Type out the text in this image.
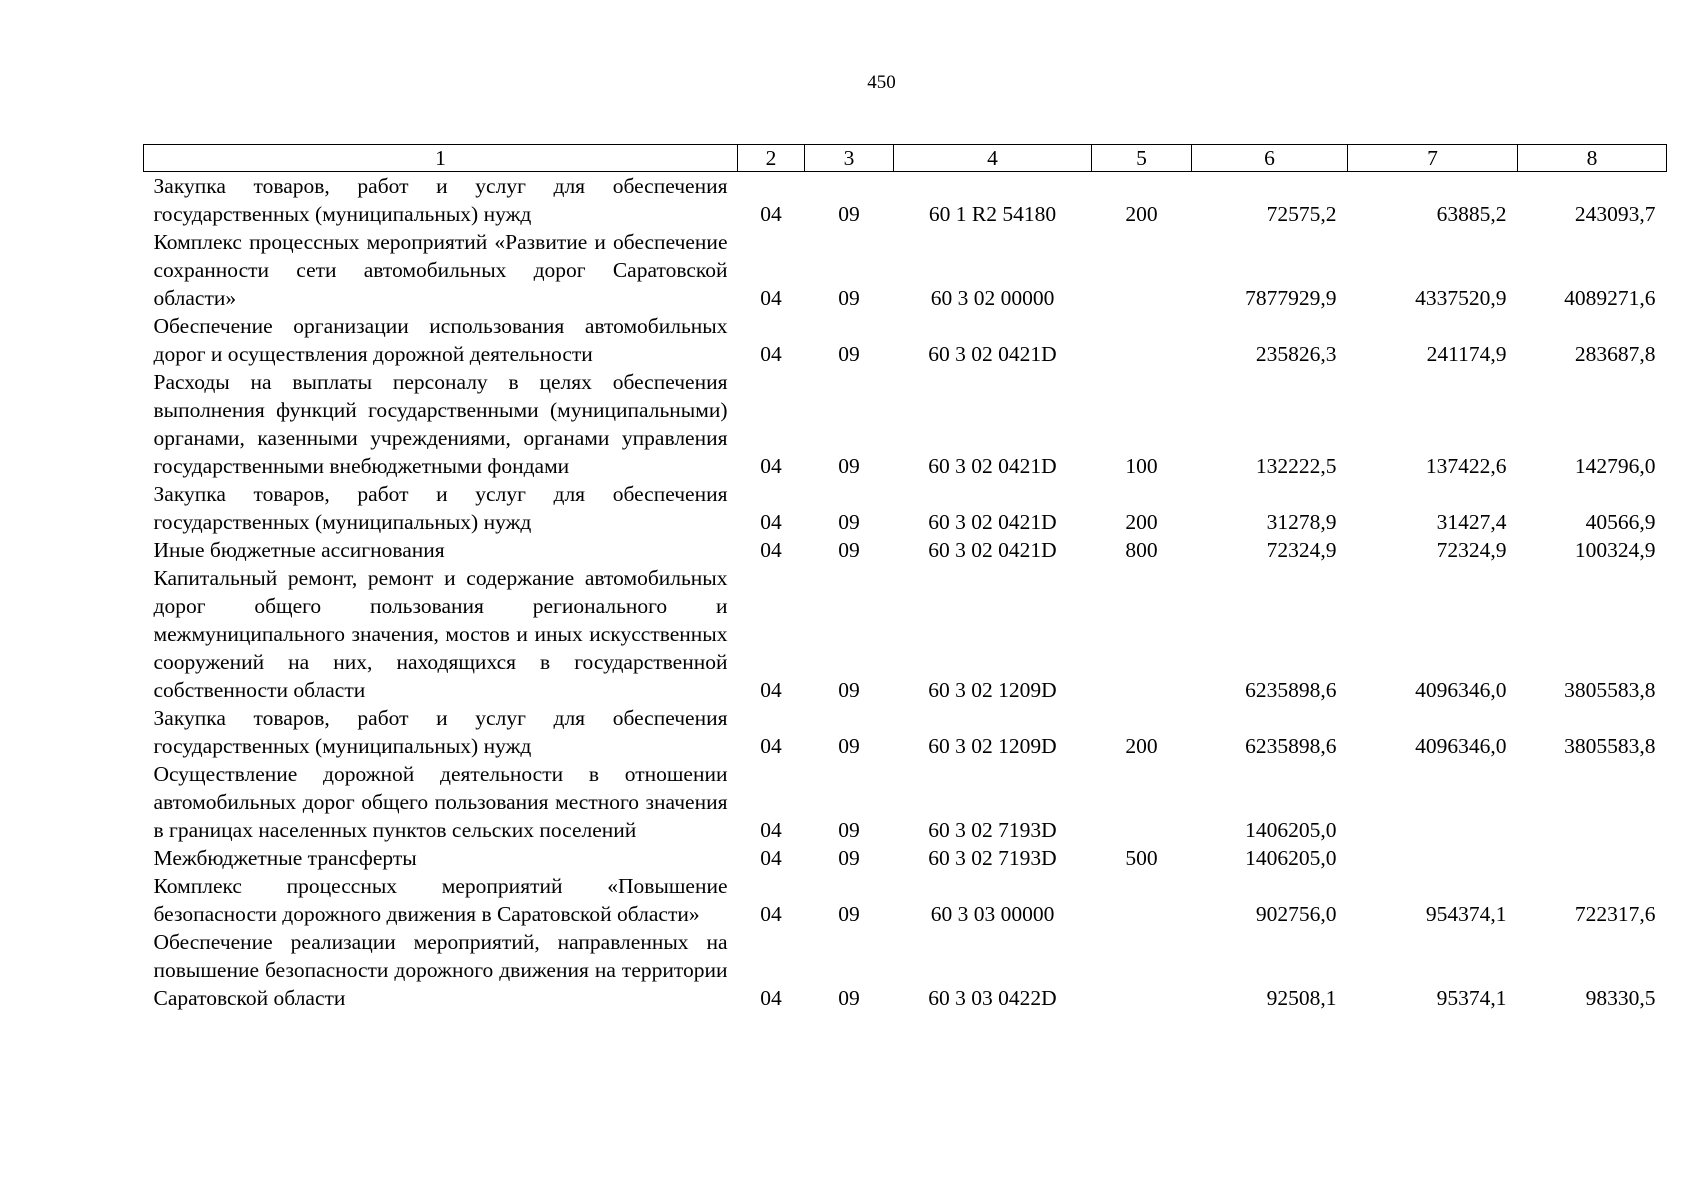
450
1	2	3	4	5	6	7	8
Закупка товаров, работ и услуг для обеспечения государственных (муниципальных) нужд	04	09	60 1 R2 54180	200	72575,2	63885,2	243093,7
Комплекс процессных мероприятий «Развитие и обеспечение сохранности сети автомобильных дорог Саратовской области»	04	09	60 3 02 00000		7877929,9	4337520,9	4089271,6
Обеспечение организации использования автомобильных дорог и осуществления дорожной деятельности	04	09	60 3 02 0421D		235826,3	241174,9	283687,8
Расходы на выплаты персоналу в целях обеспечения выполнения функций государственными (муниципальными) органами, казенными учреждениями, органами управления государственными внебюджетными фондами	04	09	60 3 02 0421D	100	132222,5	137422,6	142796,0
Закупка товаров, работ и услуг для обеспечения государственных (муниципальных) нужд	04	09	60 3 02 0421D	200	31278,9	31427,4	40566,9
Иные бюджетные ассигнования	04	09	60 3 02 0421D	800	72324,9	72324,9	100324,9
Капитальный ремонт, ремонт и содержание автомобильных дорог общего пользования регионального и межмуниципального значения, мостов и иных искусственных сооружений на них, находящихся в государственной собственности области	04	09	60 3 02 1209D		6235898,6	4096346,0	3805583,8
Закупка товаров, работ и услуг для обеспечения государственных (муниципальных) нужд	04	09	60 3 02 1209D	200	6235898,6	4096346,0	3805583,8
Осуществление дорожной деятельности в отношении автомобильных дорог общего пользования местного значения в границах населенных пунктов сельских поселений	04	09	60 3 02 7193D		1406205,0		
Межбюджетные трансферты	04	09	60 3 02 7193D	500	1406205,0		
Комплекс процессных мероприятий «Повышение безопасности дорожного движения в Саратовской области»	04	09	60 3 03 00000		902756,0	954374,1	722317,6
Обеспечение реализации мероприятий, направленных на повышение безопасности дорожного движения на территории Саратовской области	04	09	60 3 03 0422D		92508,1	95374,1	98330,5
